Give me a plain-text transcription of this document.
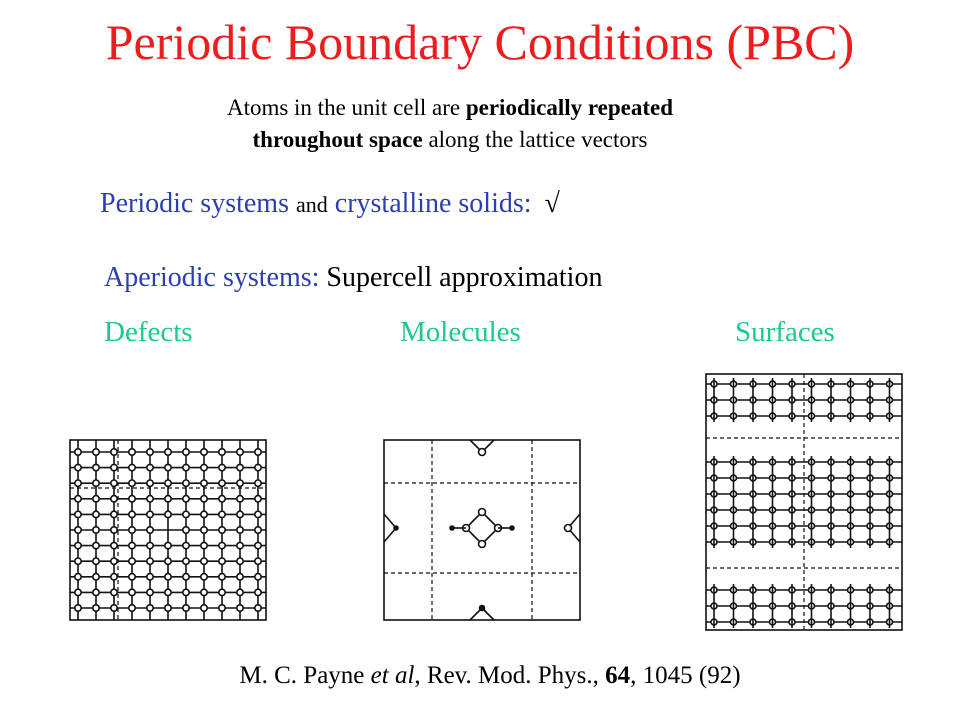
Periodic Boundary Conditions (PBC)
Atoms in the unit cell are periodically repeated
throughout space along the lattice vectors
Periodic systems and crystalline solids: √
Aperiodic systems: Supercell approximation
Defects	Molecules	Surfaces
M. C. Payne et al, Rev. Mod. Phys., 64, 1045 (92)
